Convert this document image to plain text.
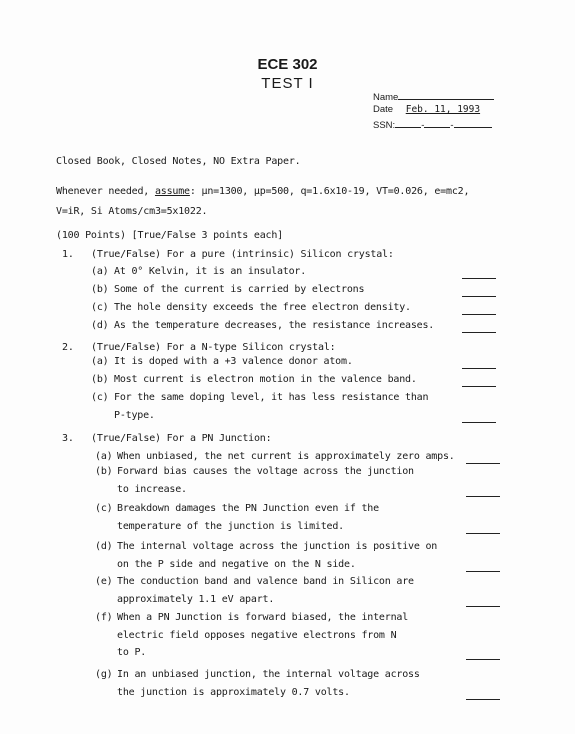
ECE 302
TEST I
Name
Date Feb. 11, 1993
SSN:	-	-
Closed Book, Closed Notes, NO Extra Paper.
Whenever needed, assume: μn=1300, μp=500, q=1.6x10-19, VT=0.026, e=mc2,
V=iR, Si Atoms/cm3=5x1022.
(100 Points) [True/False 3 points each]
1. (True/False) For a pure (intrinsic) Silicon crystal:
(a) At 0° Kelvin, it is an insulator.
(b) Some of the current is carried by electrons
(c) The hole density exceeds the free electron density.
(d) As the temperature decreases, the resistance increases.
2. (True/False) For a N-type Silicon crystal:
(a) It is doped with a +3 valence donor atom.
(b) Most current is electron motion in the valence band.
(c) For the same doping level, it has less resistance than
P-type.
3. (True/False) For a PN Junction:
(a) When unbiased, the net current is approximately zero amps.
(b) Forward bias causes the voltage across the junction
to increase.
(c) Breakdown damages the PN Junction even if the
temperature of the junction is limited.
(d) The internal voltage across the junction is positive on
on the P side and negative on the N side.
(e) The conduction band and valence band in Silicon are
approximately 1.1 eV apart.
(f) When a PN Junction is forward biased, the internal
electric field opposes negative electrons from N
to P.
(g) In an unbiased junction, the internal voltage across
the junction is approximately 0.7 volts.
